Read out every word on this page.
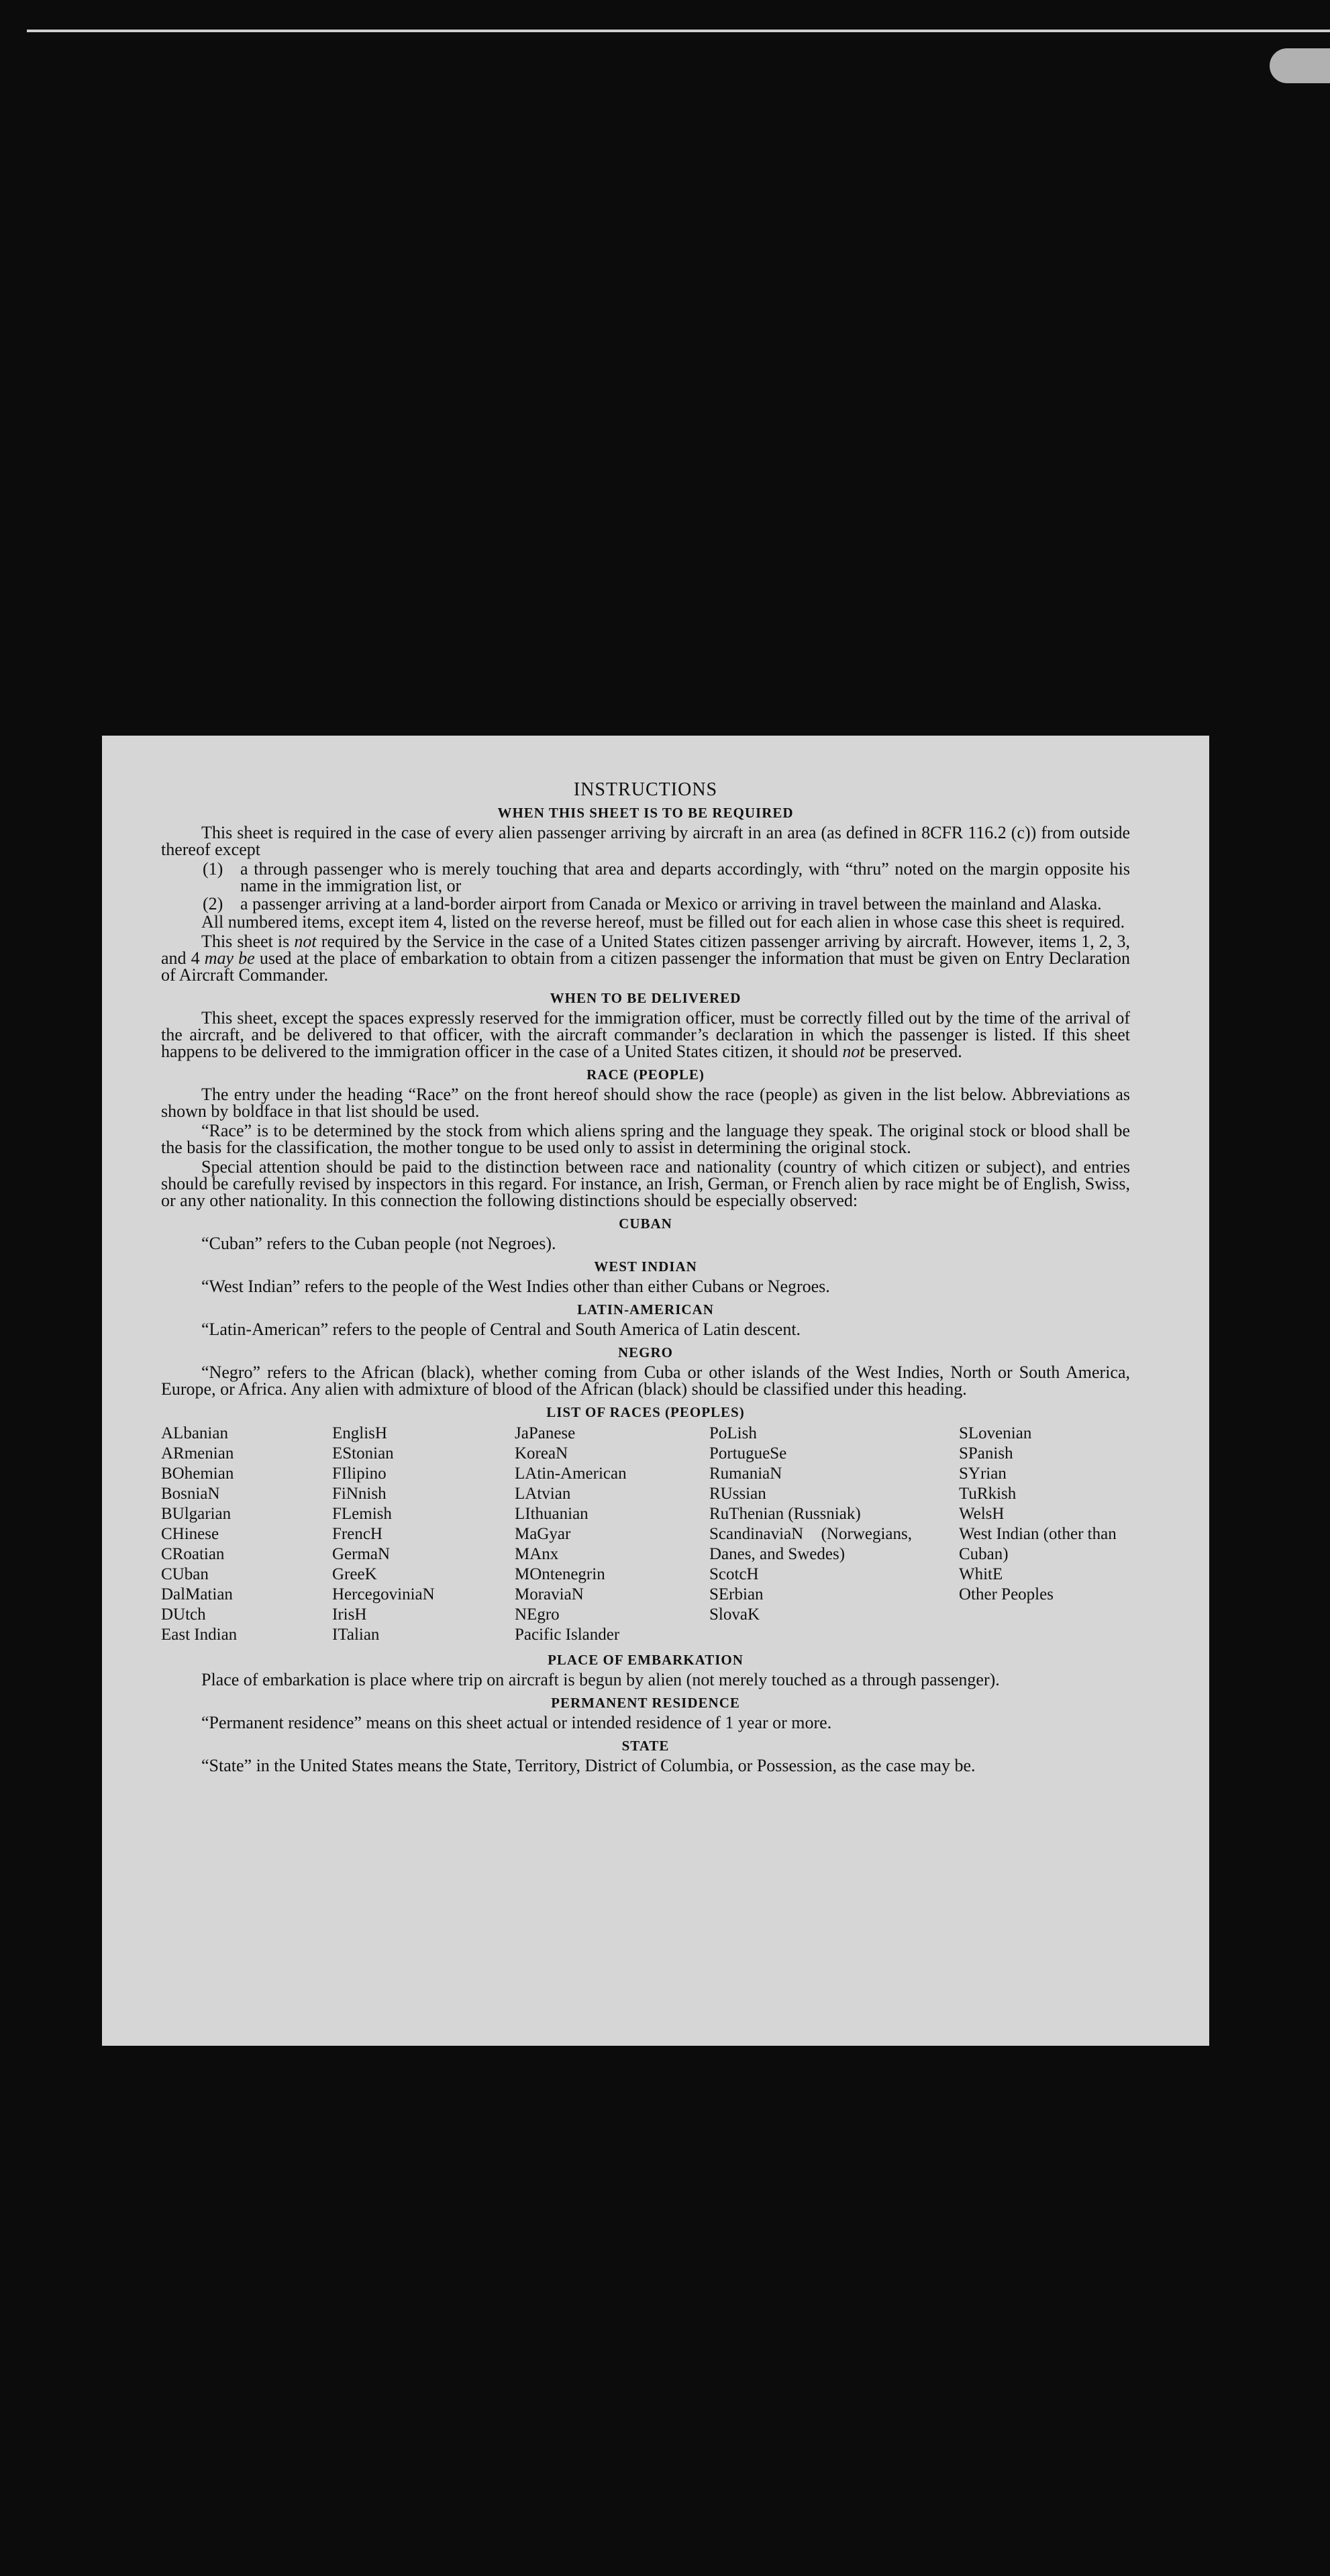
INSTRUCTIONS
WHEN THIS SHEET IS TO BE REQUIRED

This sheet is required in the case of every alien passenger arriving by aircraft in an area (as defined in 8CFR 116.2 (c)) from outside thereof except

(1) a through passenger who is merely touching that area and departs accordingly, with “thru” noted on the margin opposite his name in the immigration list, or
(2) a passenger arriving at a land-border airport from Canada or Mexico or arriving in travel between the mainland and Alaska.

All numbered items, except item 4, listed on the reverse hereof, must be filled out for each alien in whose case this sheet is required.

This sheet is not required by the Service in the case of a United States citizen passenger arriving by aircraft. However, items 1, 2, 3, and 4 may be used at the place of embarkation to obtain from a citizen passenger the information that must be given on Entry Declaration of Aircraft Commander.

WHEN TO BE DELIVERED

This sheet, except the spaces expressly reserved for the immigration officer, must be correctly filled out by the time of the arrival of the aircraft, and be delivered to that officer, with the aircraft commander’s declaration in which the passenger is listed. If this sheet happens to be delivered to the immigration officer in the case of a United States citizen, it should not be preserved.

RACE (PEOPLE)

The entry under the heading “Race” on the front hereof should show the race (people) as given in the list below. Abbreviations as shown by boldface in that list should be used.

“Race” is to be determined by the stock from which aliens spring and the language they speak. The original stock or blood shall be the basis for the classification, the mother tongue to be used only to assist in determining the original stock.

Special attention should be paid to the distinction between race and nationality (country of which citizen or subject), and entries should be carefully revised by inspectors in this regard. For instance, an Irish, German, or French alien by race might be of English, Swiss, or any other nationality. In this connection the following distinctions should be especially observed:

CUBAN

“Cuban” refers to the Cuban people (not Negroes).

WEST INDIAN

“West Indian” refers to the people of the West Indies other than either Cubans or Negroes.

LATIN-AMERICAN

“Latin-American” refers to the people of Central and South America of Latin descent.

NEGRO

“Negro” refers to the African (black), whether coming from Cuba or other islands of the West Indies, North or South America, Europe, or Africa. Any alien with admixture of blood of the African (black) should be classified under this heading.

LIST OF RACES (PEOPLES)
ALbanian
ARmenian
BOhemian
BosniaN
BUlgarian
CHinese
CRoatian
CUban
DalMatian
DUtch
East Indian
EnglisH
EStonian
FIlipino
FiNnish
FLemish
FrencH
GermaN
GreeK
HercegoviniaN
IrisH
ITalian
JaPanese
KoreaN
LAtin-American
LAtvian
LIthuanian
MaGyar
MAnx
MOntenegrin
MoraviaN
NEgro
Pacific Islander
PoLish
PortugueSe
RumaniaN
RUssian
RuThenian (Russniak)
ScandinaviaN (Norwegians, Danes, and Swedes)
ScotcH
SErbian
SlovaK
SLovenian
SPanish
SYrian
TuRkish
WelsH
West Indian (other than Cuban)
WhitE
Other Peoples
PLACE OF EMBARKATION

Place of embarkation is place where trip on aircraft is begun by alien (not merely touched as a through passenger).

PERMANENT RESIDENCE

“Permanent residence” means on this sheet actual or intended residence of 1 year or more.

STATE

“State” in the United States means the State, Territory, District of Columbia, or Possession, as the case may be.
